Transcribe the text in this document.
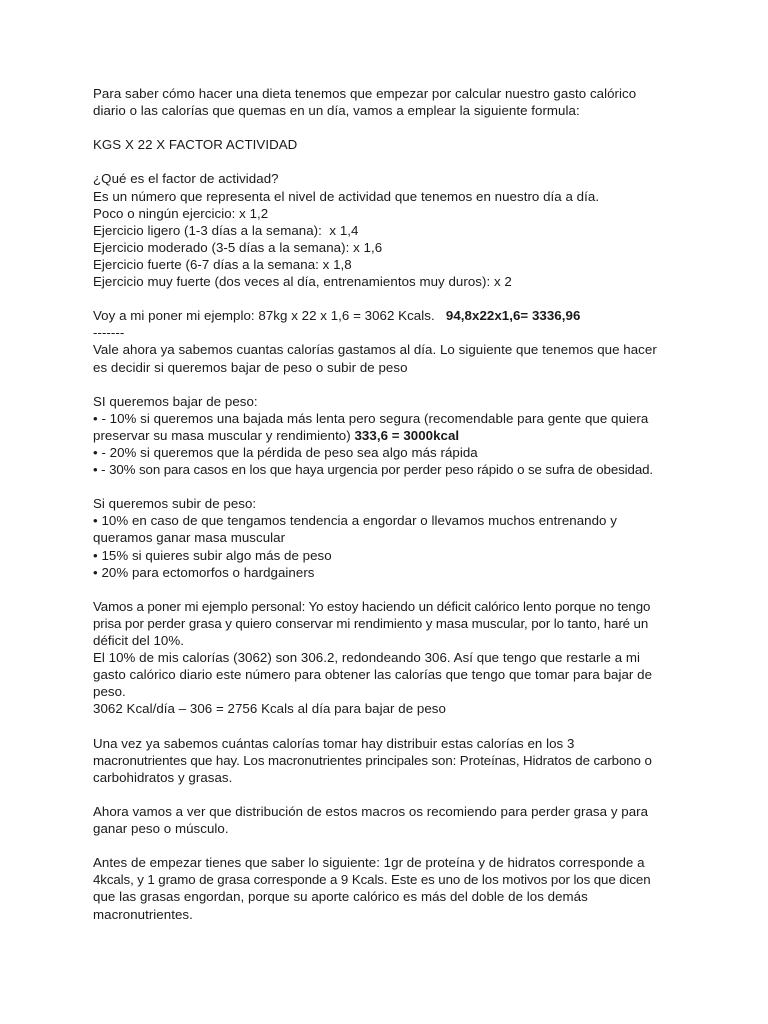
Para saber cómo hacer una dieta tenemos que empezar por calcular nuestro gasto calórico
diario o las calorías que quemas en un día, vamos a emplear la siguiente formula:
KGS X 22 X FACTOR ACTIVIDAD
¿Qué es el factor de actividad?
Es un número que representa el nivel de actividad que tenemos en nuestro día a día.
Poco o ningún ejercicio: x 1,2
Ejercicio ligero (1-3 días a la semana):  x 1,4
Ejercicio moderado (3-5 días a la semana): x 1,6
Ejercicio fuerte (6-7 días a la semana: x 1,8
Ejercicio muy fuerte (dos veces al día, entrenamientos muy duros): x 2
Voy a mi poner mi ejemplo: 87kg x 22 x 1,6 = 3062 Kcals.   94,8x22x1,6= 3336,96
-------
Vale ahora ya sabemos cuantas calorías gastamos al día. Lo siguiente que tenemos que hacer
es decidir si queremos bajar de peso o subir de peso
SI queremos bajar de peso:
• - 10% si queremos una bajada más lenta pero segura (recomendable para gente que quiera
preservar su masa muscular y rendimiento) 333,6 = 3000kcal
• - 20% si queremos que la pérdida de peso sea algo más rápida
• - 30% son para casos en los que haya urgencia por perder peso rápido o se sufra de obesidad.
Si queremos subir de peso:
• 10% en caso de que tengamos tendencia a engordar o llevamos muchos entrenando y
queramos ganar masa muscular
• 15% si quieres subir algo más de peso
• 20% para ectomorfos o hardgainers
Vamos a poner mi ejemplo personal: Yo estoy haciendo un déficit calórico lento porque no tengo
prisa por perder grasa y quiero conservar mi rendimiento y masa muscular, por lo tanto, haré un
déficit del 10%.
El 10% de mis calorías (3062) son 306.2, redondeando 306. Así que tengo que restarle a mi
gasto calórico diario este número para obtener las calorías que tengo que tomar para bajar de
peso.
3062 Kcal/día – 306 = 2756 Kcals al día para bajar de peso
Una vez ya sabemos cuántas calorías tomar hay distribuir estas calorías en los 3
macronutrientes que hay. Los macronutrientes principales son: Proteínas, Hidratos de carbono o
carbohidratos y grasas.
Ahora vamos a ver que distribución de estos macros os recomiendo para perder grasa y para
ganar peso o músculo.
Antes de empezar tienes que saber lo siguiente: 1gr de proteína y de hidratos corresponde a
4kcals, y 1 gramo de grasa corresponde a 9 Kcals. Este es uno de los motivos por los que dicen
que las grasas engordan, porque su aporte calórico es más del doble de los demás
macronutrientes.
